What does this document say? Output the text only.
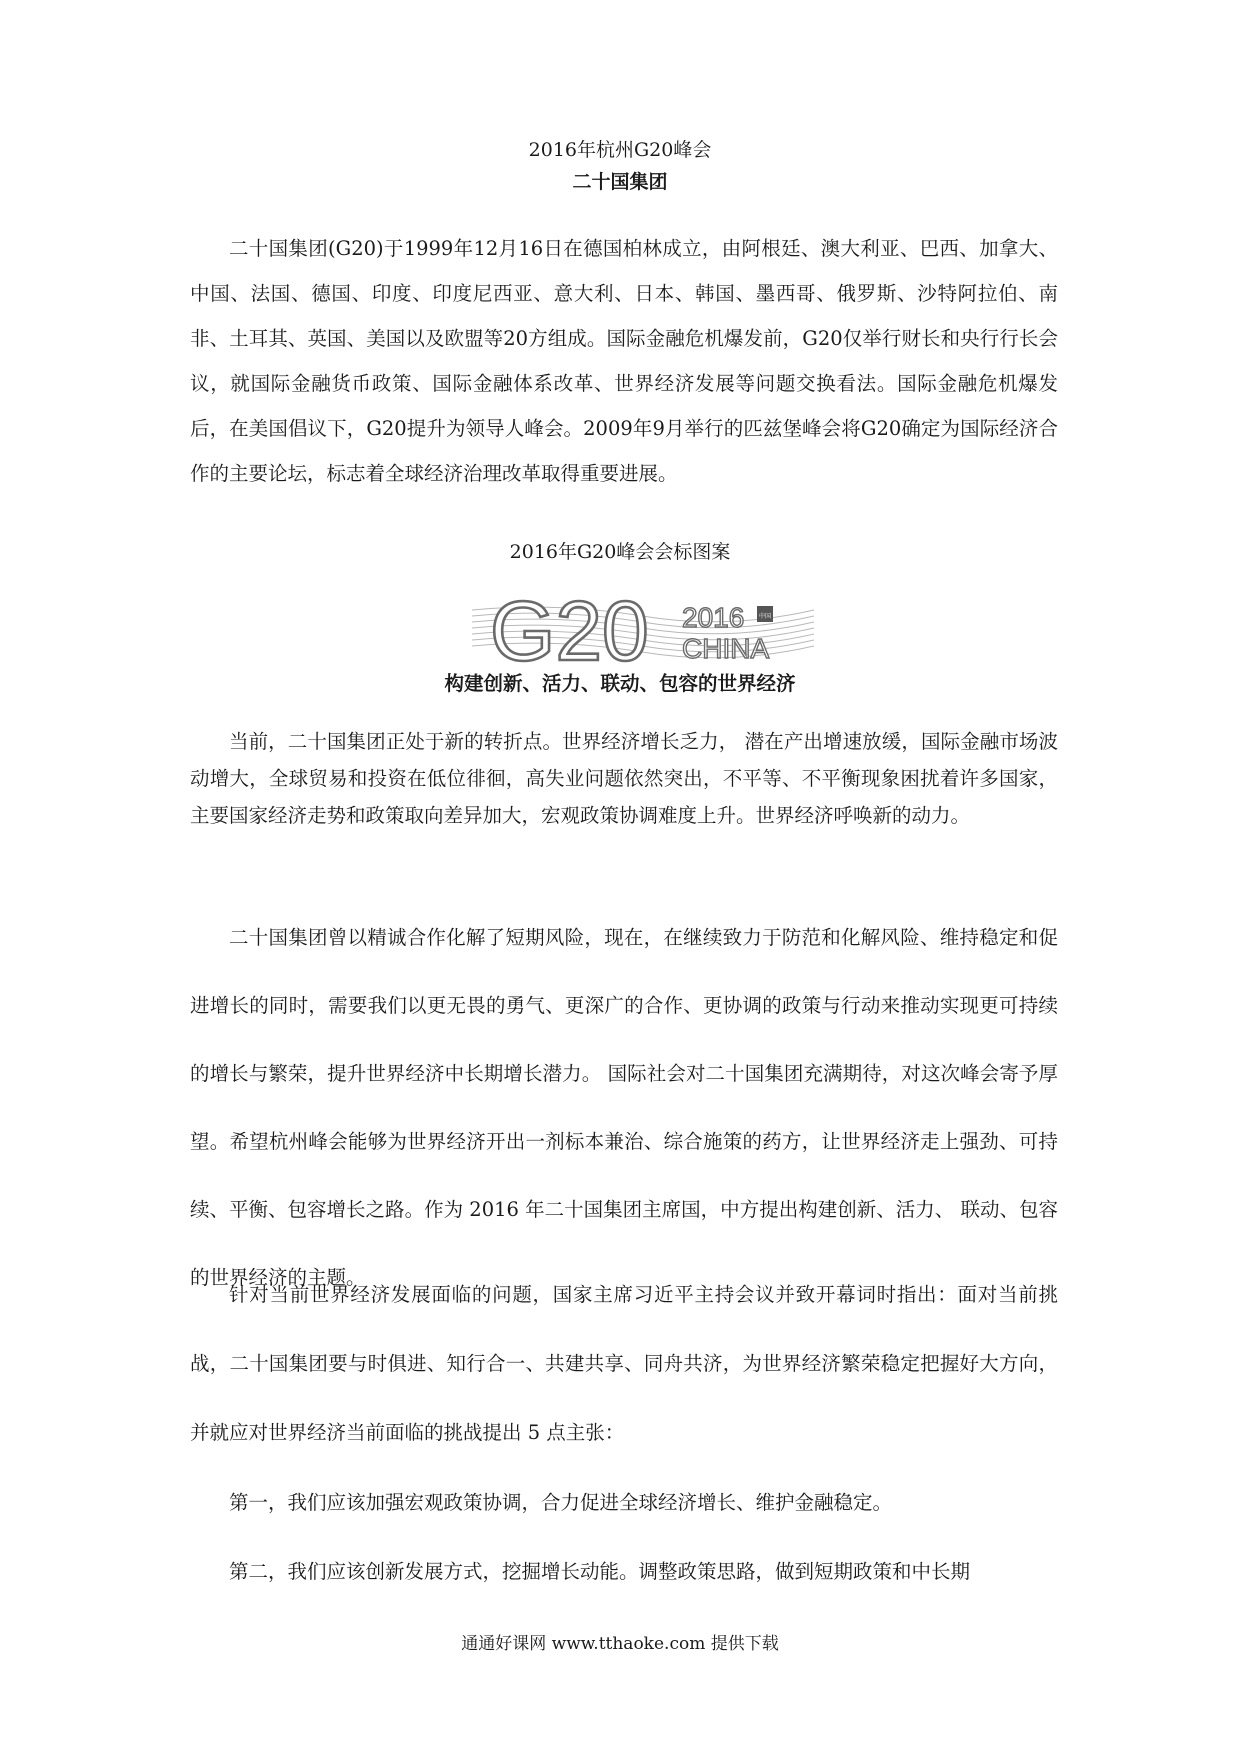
2016年杭州G20峰会
二十国集团

二十国集团(G20)于1999年12月16日在德国柏林成立，由阿根廷、澳大利亚、巴西、加拿大、中国、法国、德国、印度、印度尼西亚、意大利、日本、韩国、墨西哥、俄罗斯、沙特阿拉伯、南非、土耳其、英国、美国以及欧盟等20方组成。国际金融危机爆发前，G20仅举行财长和央行行长会议，就国际金融货币政策、国际金融体系改革、世界经济发展等问题交换看法。国际金融危机爆发后，在美国倡议下，G20提升为领导人峰会。2009年9月举行的匹兹堡峰会将G20确定为国际经济合作的主要论坛，标志着全球经济治理改革取得重要进展。

2016年G20峰会会标图案
G20 2016 中国
CHINA
构建创新、活力、联动、包容的世界经济

当前，二十国集团正处于新的转折点。世界经济增长乏力， 潜在产出增速放缓，国际金融市场波动增大，全球贸易和投资在低位徘徊，高失业问题依然突出，不平等、不平衡现象困扰着许多国家，主要国家经济走势和政策取向差异加大，宏观政策协调难度上升。世界经济呼唤新的动力。

二十国集团曾以精诚合作化解了短期风险，现在，在继续致力于防范和化解风险、维持稳定和促进增长的同时，需要我们以更无畏的勇气、更深广的合作、更协调的政策与行动来推动实现更可持续的增长与繁荣，提升世界经济中长期增长潜力。 国际社会对二十国集团充满期待，对这次峰会寄予厚望。希望杭州峰会能够为世界经济开出一剂标本兼治、综合施策的药方，让世界经济走上强劲、可持续、平衡、包容增长之路。作为 2016 年二十国集团主席国，中方提出构建创新、活力、 联动、包容的世界经济的主题。

针对当前世界经济发展面临的问题，国家主席习近平主持会议并致开幕词时指出：面对当前挑战，二十国集团要与时俱进、知行合一、共建共享、同舟共济，为世界经济繁荣稳定把握好大方向，并就应对世界经济当前面临的挑战提出 5 点主张：

第一，我们应该加强宏观政策协调，合力促进全球经济增长、维护金融稳定。

第二，我们应该创新发展方式，挖掘增长动能。调整政策思路，做到短期政策和中长期

通通好课网 www.tthaoke.com 提供下载
